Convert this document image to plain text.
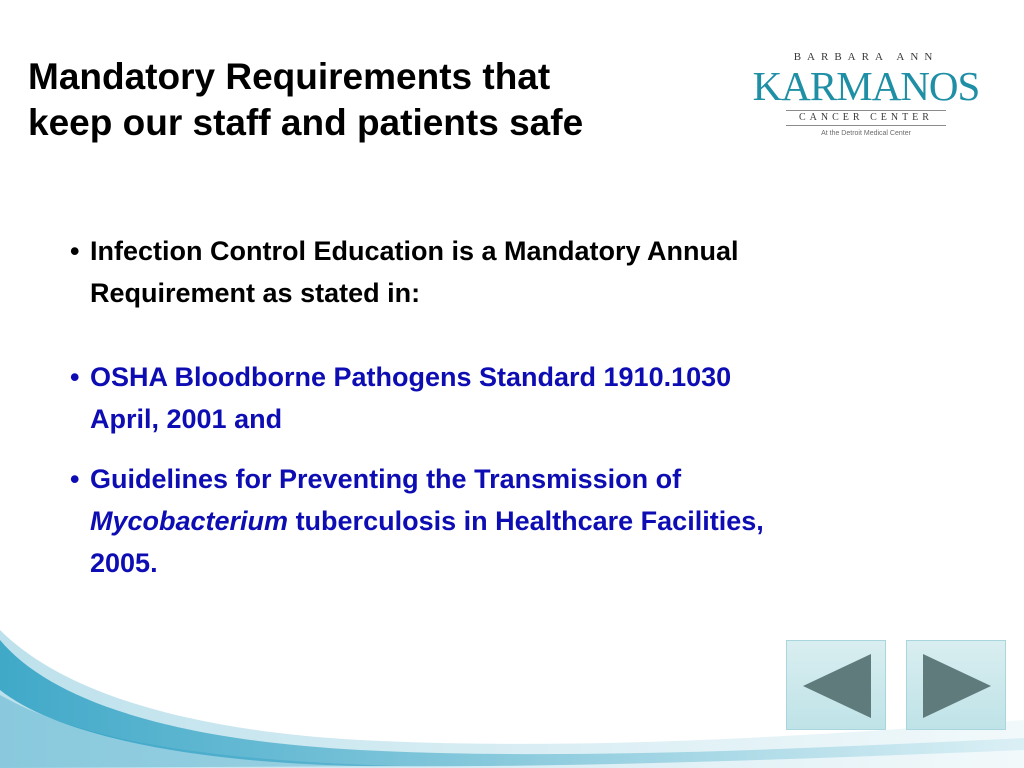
Mandatory Requirements that
keep our staff and patients safe
BARBARA ANN
KARMANOS
CANCER CENTER
At the Detroit Medical Center
• Infection Control Education is a Mandatory Annual
Requirement as stated in:
• OSHA Bloodborne Pathogens Standard 1910.1030
April, 2001 and
• Guidelines for Preventing the Transmission of
Mycobacterium tuberculosis in Healthcare Facilities,
2005.
